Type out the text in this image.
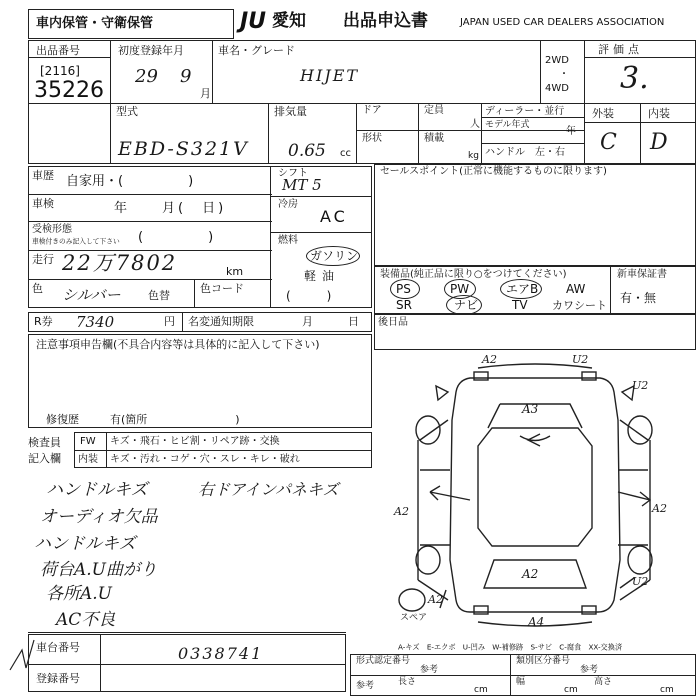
車内保管・守衛保管	JU 愛知 出品申込書	JAPAN USED CAR DEALERS ASSOCIATION
出品番号
[2116]
35226
初度登録年月
29 9
月
車名・グレード
HIJET
2WD
・
4WD
評価点
3.
型式
EBD-S321V
排気量
0.65 cc
ドア
形状
定員
人
積載
kg
ディーラー・並行
モデル年式
年
ハンドル　左・右
外装	内装
C D
車歴 自家用・(　　　　　)
車検	年　　月(　日)
受検形態
車検付きのみ記入して下さい (　　　　　)
走行 22万7802	km
色 シルバー 色替
色コード
シフト
MT 5
冷房
AC
燃料
ガソリン
軽油
(　　　)
セールスポイント(正常に機能するものに限ります)
装備品(純正品に限り○をつけてください)
PS	PW	エアB AW
SR	ナビ	TV カワシート
新車保証書
有・無
R券 7340	円 名変通知期限	月	日 後日品
注意事項申告欄(不具合内容等は具体的に記入して下さい)
修復歴	有(箇所　　　　　　　　)
検査員
記入欄
FW キズ・飛石・ヒビ割・リペア跡・交換
内装 キズ・汚れ・コゲ・穴・スレ・キレ・破れ
ハンドルキズ	右ドアインパネキズ
オーディオ欠品
ハンドルキズ
荷台A.U曲がり
各所A.U
AC不良
A2	U2
U2
A3
A2	A2
A2
A2
A4
U2
スペア
A-キズ　E-エクボ　U-凹み　W-補修跡　S-サビ　C-腐食　XX-交換済
車台番号	0338741
登録番号
形式認定番号
参考
類別区分番号
参考
参考	長さ
cm
幅
cm
高さ
cm
